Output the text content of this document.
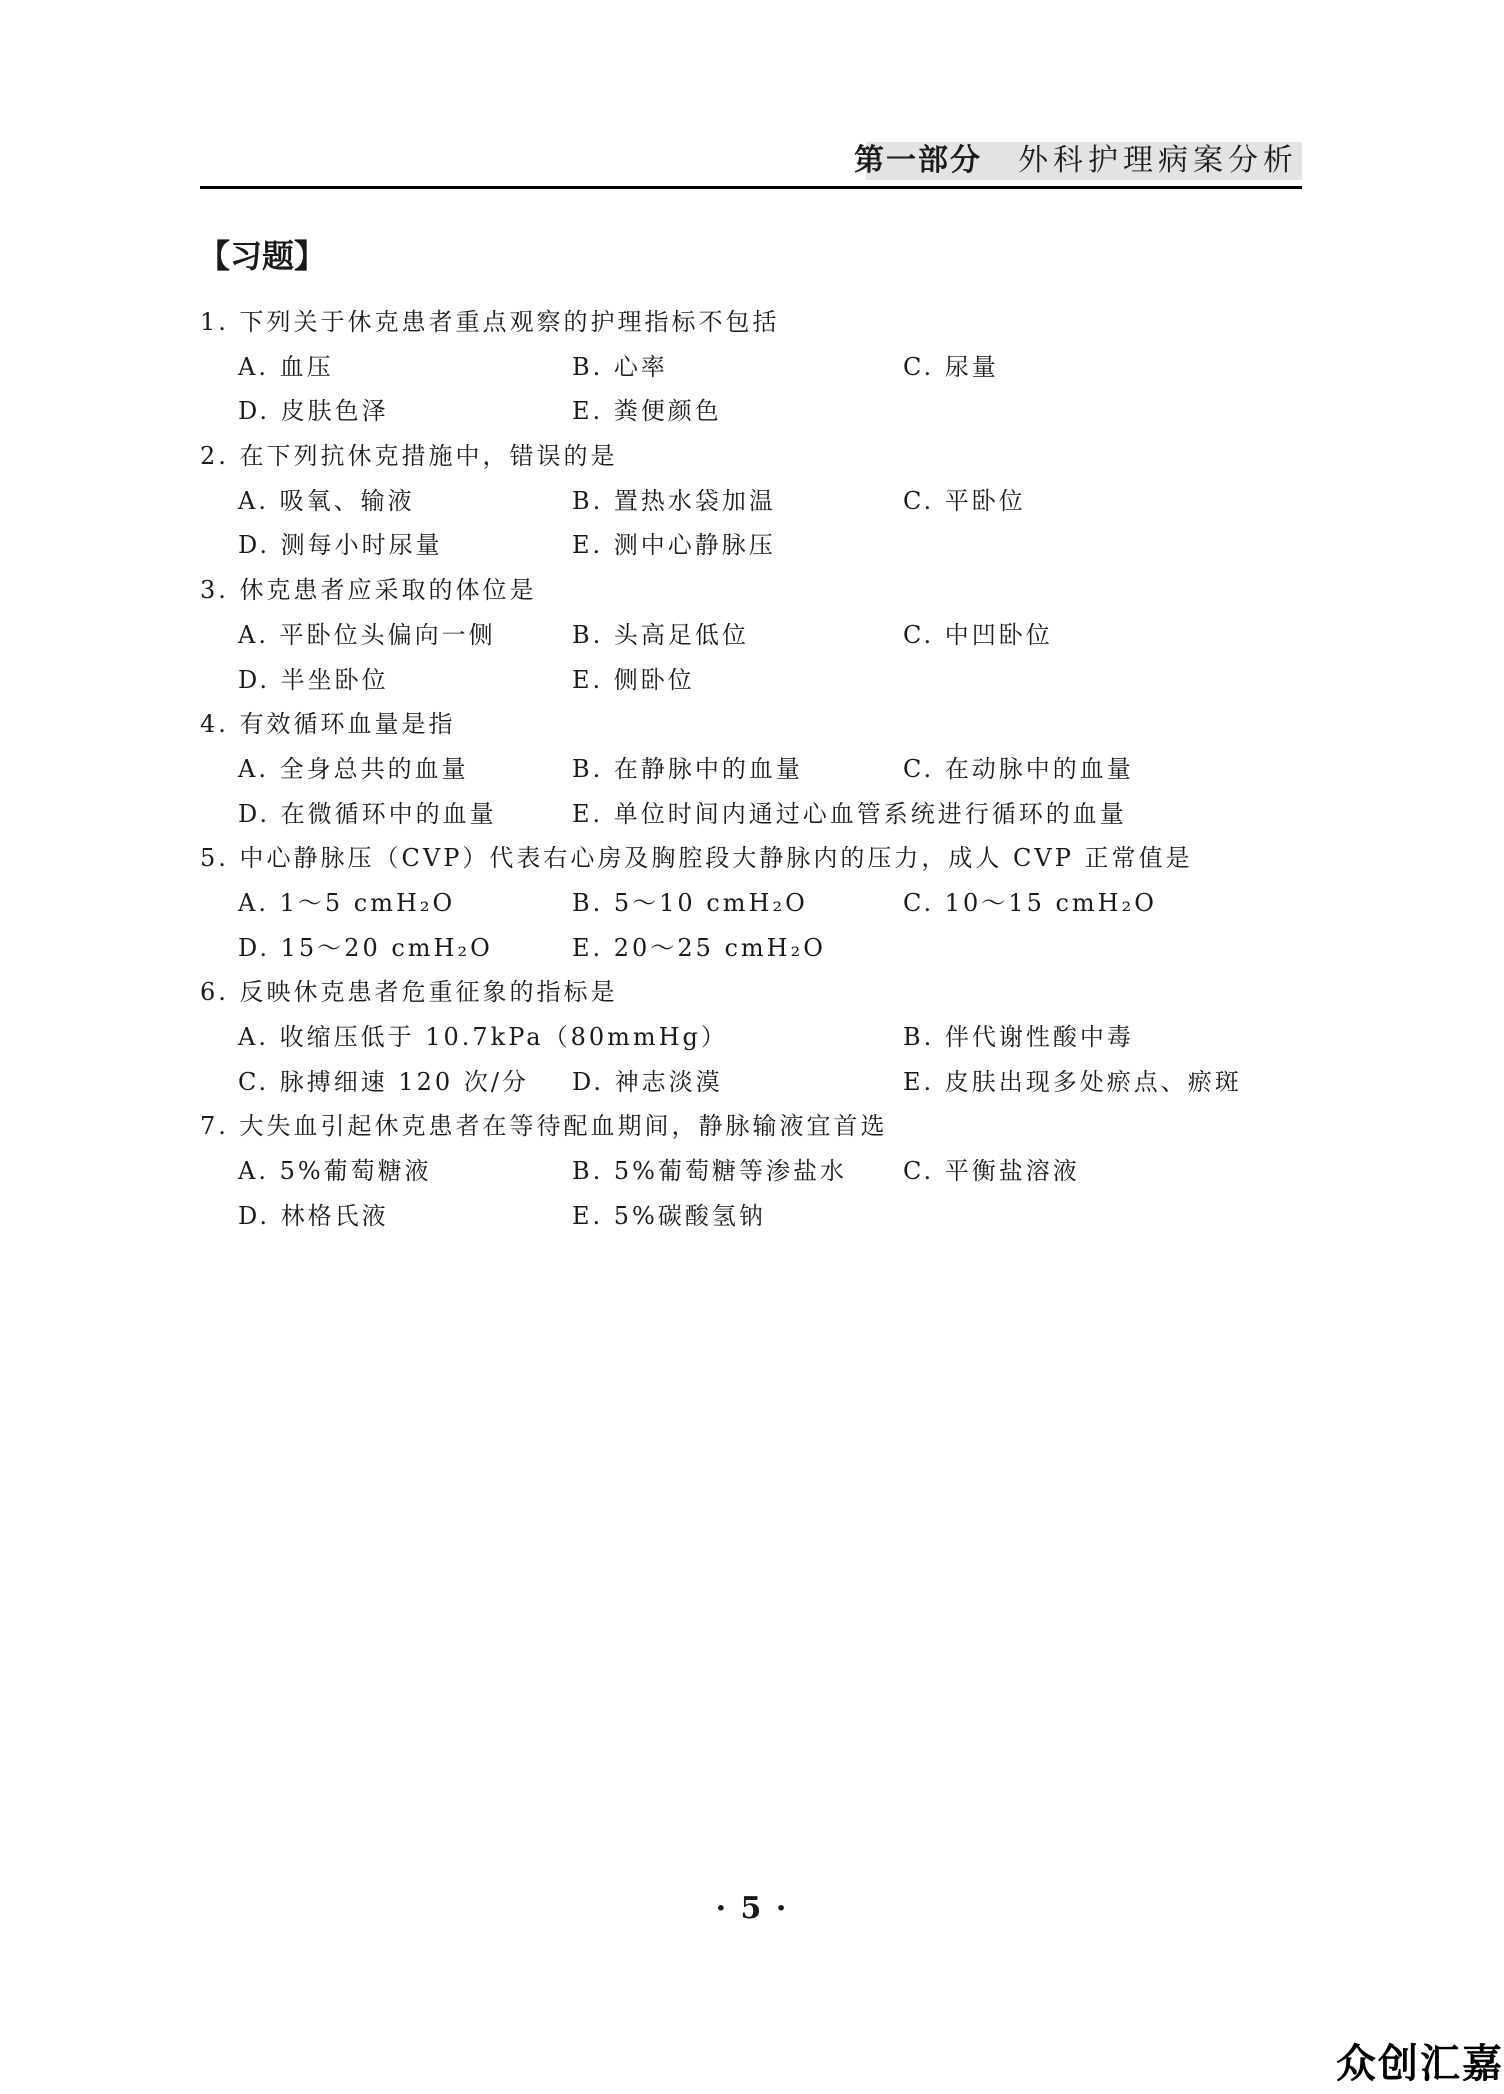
第一部分 外科护理病案分析
【习题】
1. 下列关于休克患者重点观察的护理指标不包括
A. 血压	B. 心率	C. 尿量
D. 皮肤色泽	E. 粪便颜色
2. 在下列抗休克措施中，错误的是
A. 吸氧、输液	B. 置热水袋加温	C. 平卧位
D. 测每小时尿量	E. 测中心静脉压
3. 休克患者应采取的体位是
A. 平卧位头偏向一侧	B. 头高足低位	C. 中凹卧位
D. 半坐卧位	E. 侧卧位
4. 有效循环血量是指
A. 全身总共的血量	B. 在静脉中的血量	C. 在动脉中的血量
D. 在微循环中的血量	E. 单位时间内通过心血管系统进行循环的血量
5. 中心静脉压（CVP）代表右心房及胸腔段大静脉内的压力，成人 CVP 正常值是
A. 1～5 cmH₂O	B. 5～10 cmH₂O	C. 10～15 cmH₂O
D. 15～20 cmH₂O	E. 20～25 cmH₂O
6. 反映休克患者危重征象的指标是
A. 收缩压低于 10.7kPa（80mmHg）	B. 伴代谢性酸中毒
C. 脉搏细速 120 次/分 D. 神志淡漠	E. 皮肤出现多处瘀点、瘀斑
7. 大失血引起休克患者在等待配血期间，静脉输液宜首选
A. 5%葡萄糖液	B. 5%葡萄糖等渗盐水 C. 平衡盐溶液
D. 林格氏液	E. 5%碳酸氢钠
· 5 ·
众创汇嘉
